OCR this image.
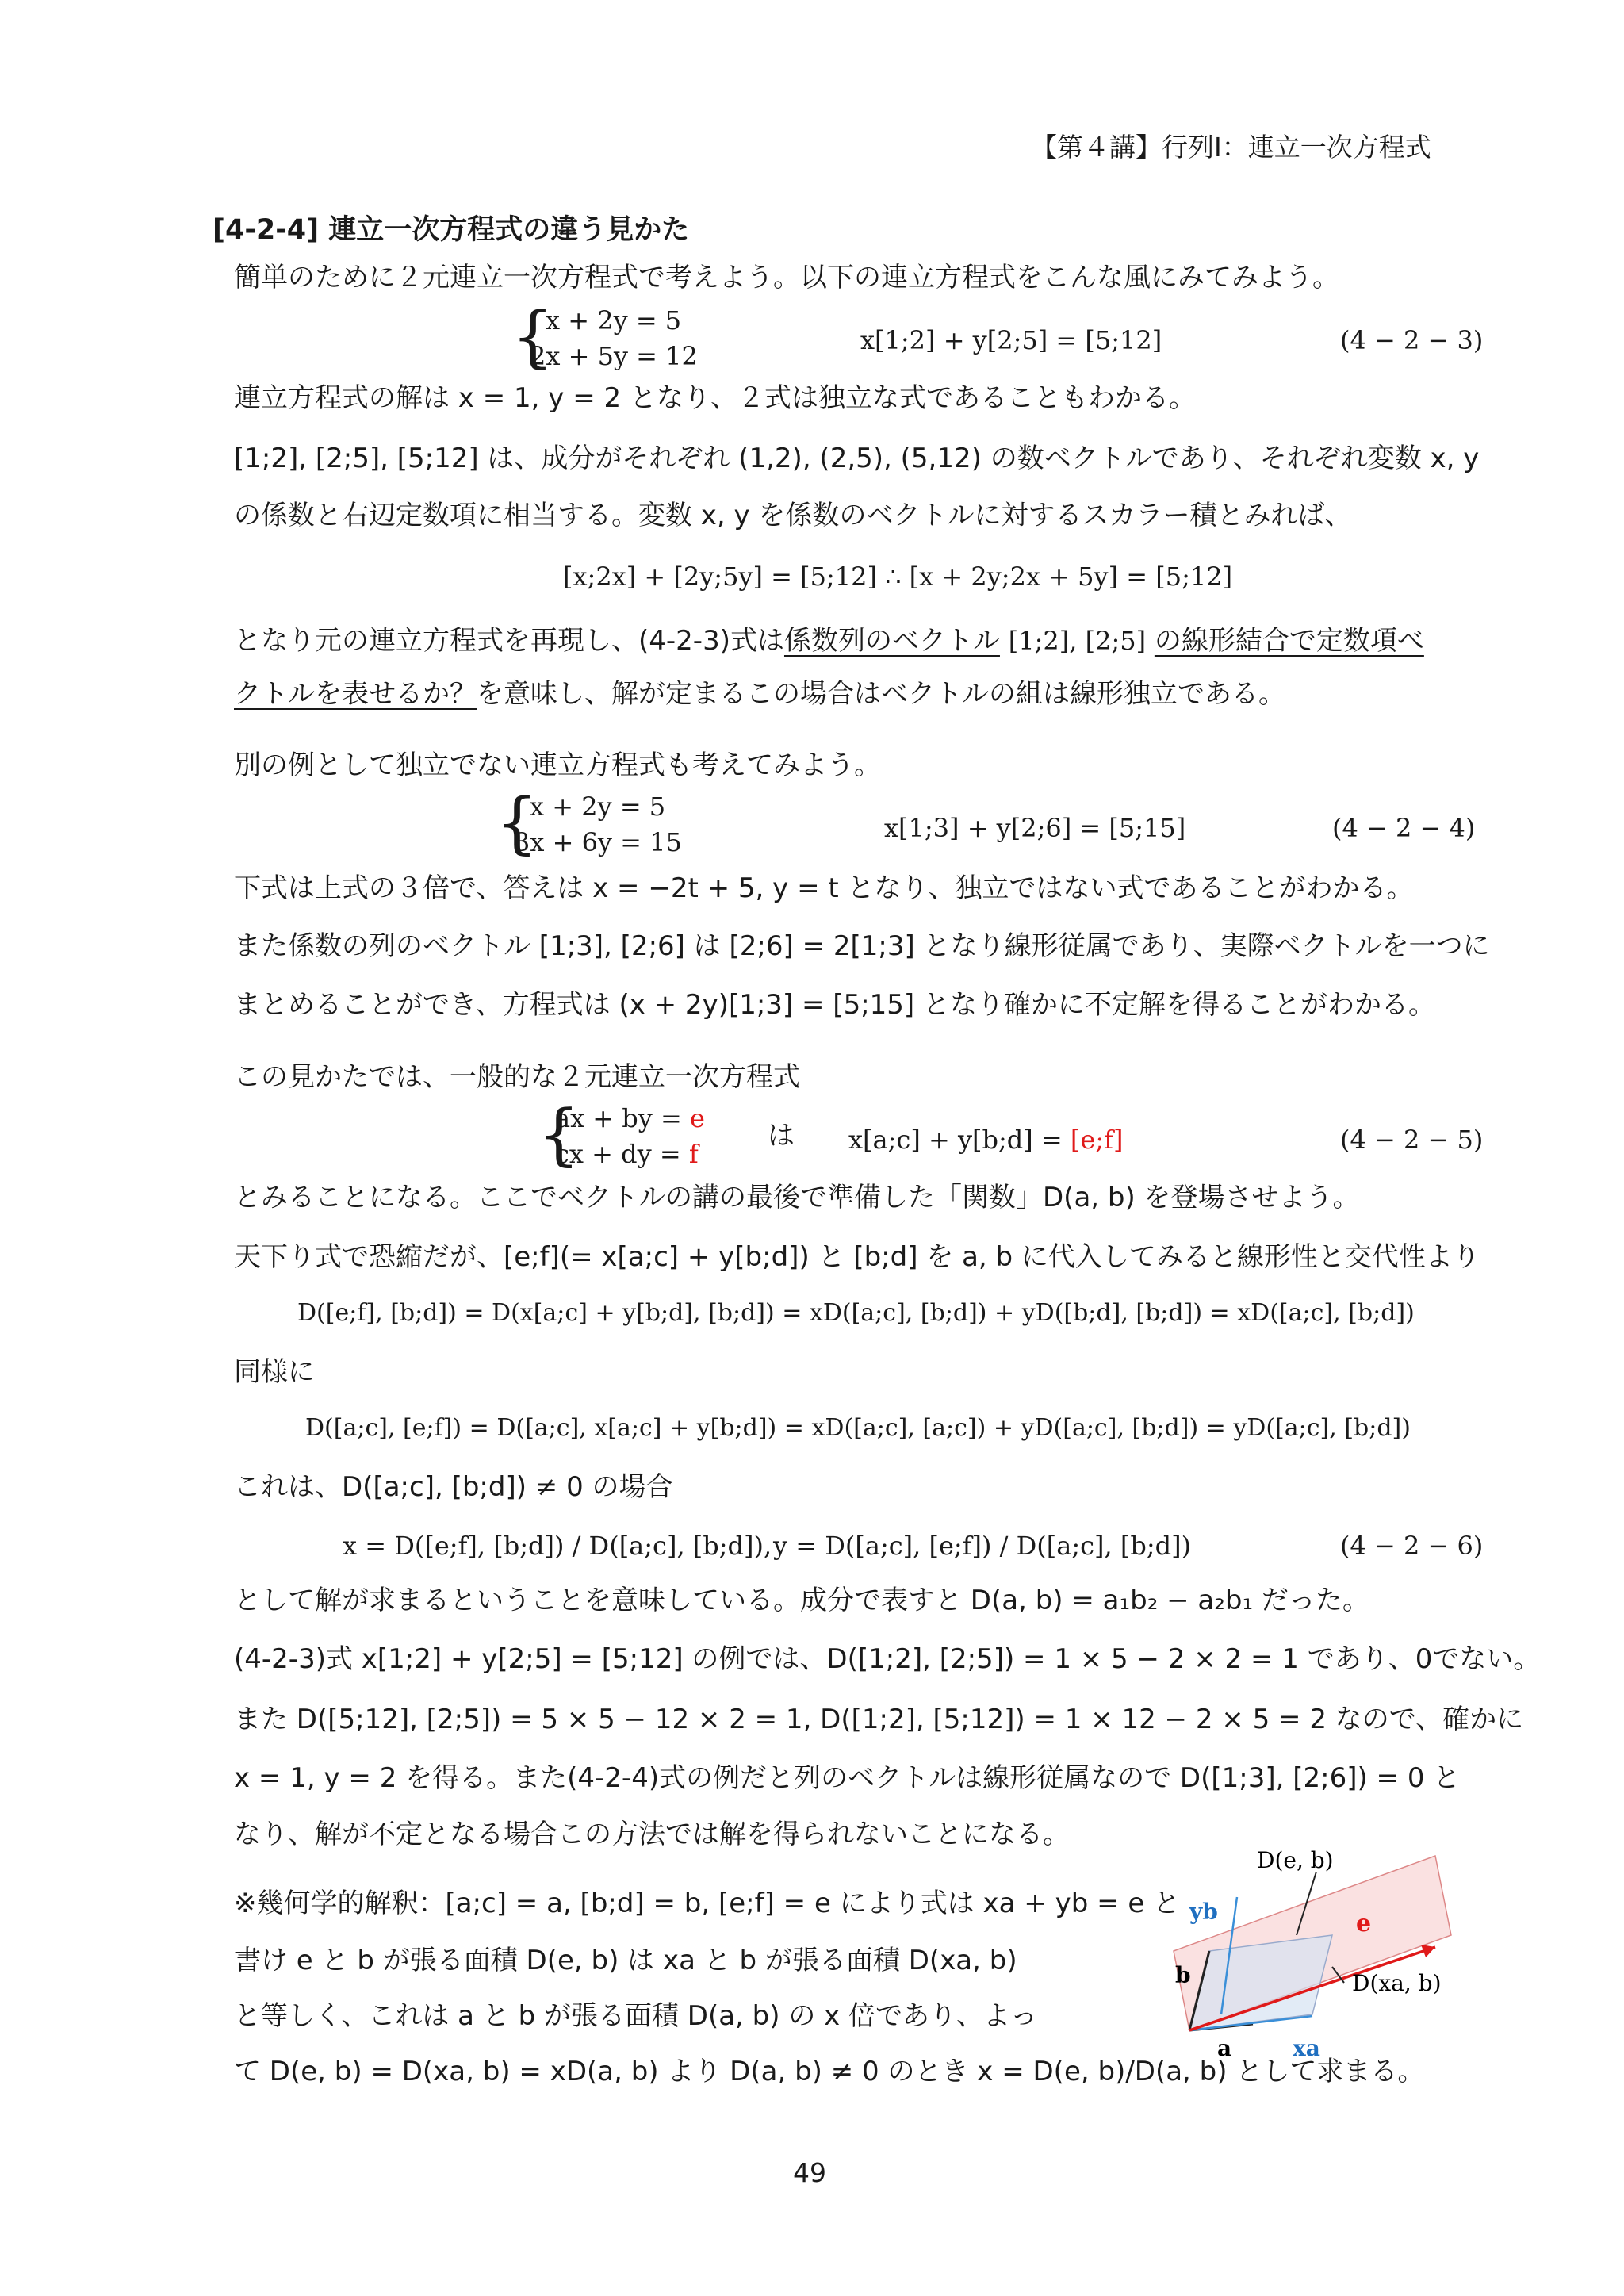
【第４講】行列Ⅰ：連立一次方程式
[4-2-4] 連立一次方程式の違う見かた
簡単のために２元連立一次方程式で考えよう。以下の連立方程式をこんな風にみてみよう。
{
x + 2y = 5
2x + 5y = 12
x[1;2] + y[2;5] = [5;12]	(4 − 2 − 3)
連立方程式の解は x = 1, y = 2 となり、２式は独立な式であることもわかる。
[1;2], [2;5], [5;12] は、成分がそれぞれ (1,2), (2,5), (5,12) の数ベクトルであり、それぞれ変数 x, y
の係数と右辺定数項に相当する。変数 x, y を係数のベクトルに対するスカラー積とみれば、
[x;2x] + [2y;5y] = [5;12] ∴ [x + 2y;2x + 5y] = [5;12]
となり元の連立方程式を再現し、(4-2-3)式は係数列のベクトル [1;2], [2;5] の線形結合で定数項べ
クトルを表せるか？を意味し、解が定まるこの場合はベクトルの組は線形独立である。
別の例として独立でない連立方程式も考えてみよう。
{
x + 2y = 5
3x + 6y = 15	x[1;3] + y[2;6] = [5;15]	(4 − 2 − 4)
下式は上式の３倍で、答えは x = −2t + 5, y = t となり、独立ではない式であることがわかる。
また係数の列のベクトル [1;3], [2;6] は [2;6] = 2[1;3] となり線形従属であり、実際ベクトルを一つに
まとめることができ、方程式は (x + 2y)[1;3] = [5;15] となり確かに不定解を得ることがわかる。
この見かたでは、一般的な２元連立一次方程式
{
ax + by = e
cx + dy = f
は x[a;c] + y[b;d] = [e;f]	(4 − 2 − 5)
とみることになる。ここでベクトルの講の最後で準備した「関数」D(a, b) を登場させよう。
天下り式で恐縮だが、[e;f](= x[a;c] + y[b;d]) と [b;d] を a, b に代入してみると線形性と交代性より
D([e;f], [b;d]) = D(x[a;c] + y[b;d], [b;d]) = xD([a;c], [b;d]) + yD([b;d], [b;d]) = xD([a;c], [b;d])
同様に
D([a;c], [e;f]) = D([a;c], x[a;c] + y[b;d]) = xD([a;c], [a;c]) + yD([a;c], [b;d]) = yD([a;c], [b;d])
これは、D([a;c], [b;d]) ≠ 0 の場合
x = D([e;f], [b;d]) / D([a;c], [b;d]), y = D([a;c], [e;f]) / D([a;c], [b;d])	(4 − 2 − 6)
として解が求まるということを意味している。成分で表すと D(a, b) = a₁b₂ − a₂b₁ だった。
(4-2-3)式 x[1;2] + y[2;5] = [5;12] の例では、D([1;2], [2;5]) = 1 × 5 − 2 × 2 = 1 であり、0でない。
また D([5;12], [2;5]) = 5 × 5 − 12 × 2 = 1, D([1;2], [5;12]) = 1 × 12 − 2 × 5 = 2 なので、確かに
x = 1, y = 2 を得る。また(4-2-4)式の例だと列のベクトルは線形従属なので D([1;3], [2;6]) = 0 と
なり、解が不定となる場合この方法では解を得られないことになる。
※幾何学的解釈：[a;c] = a, [b;d] = b, [e;f] = e により式は xa + yb = e と
書け e と b が張る面積 D(e, b) は xa と b が張る面積 D(xa, b)
と等しく、これは a と b が張る面積 D(a, b) の x 倍であり、よっ
て D(e, b) = D(xa, b) = xD(a, b) より D(a, b) ≠ 0 のとき x = D(e, b)/D(a, b) として求まる。
D(e, b)
yb	e
b	D(xa, b)
a	xa
49
